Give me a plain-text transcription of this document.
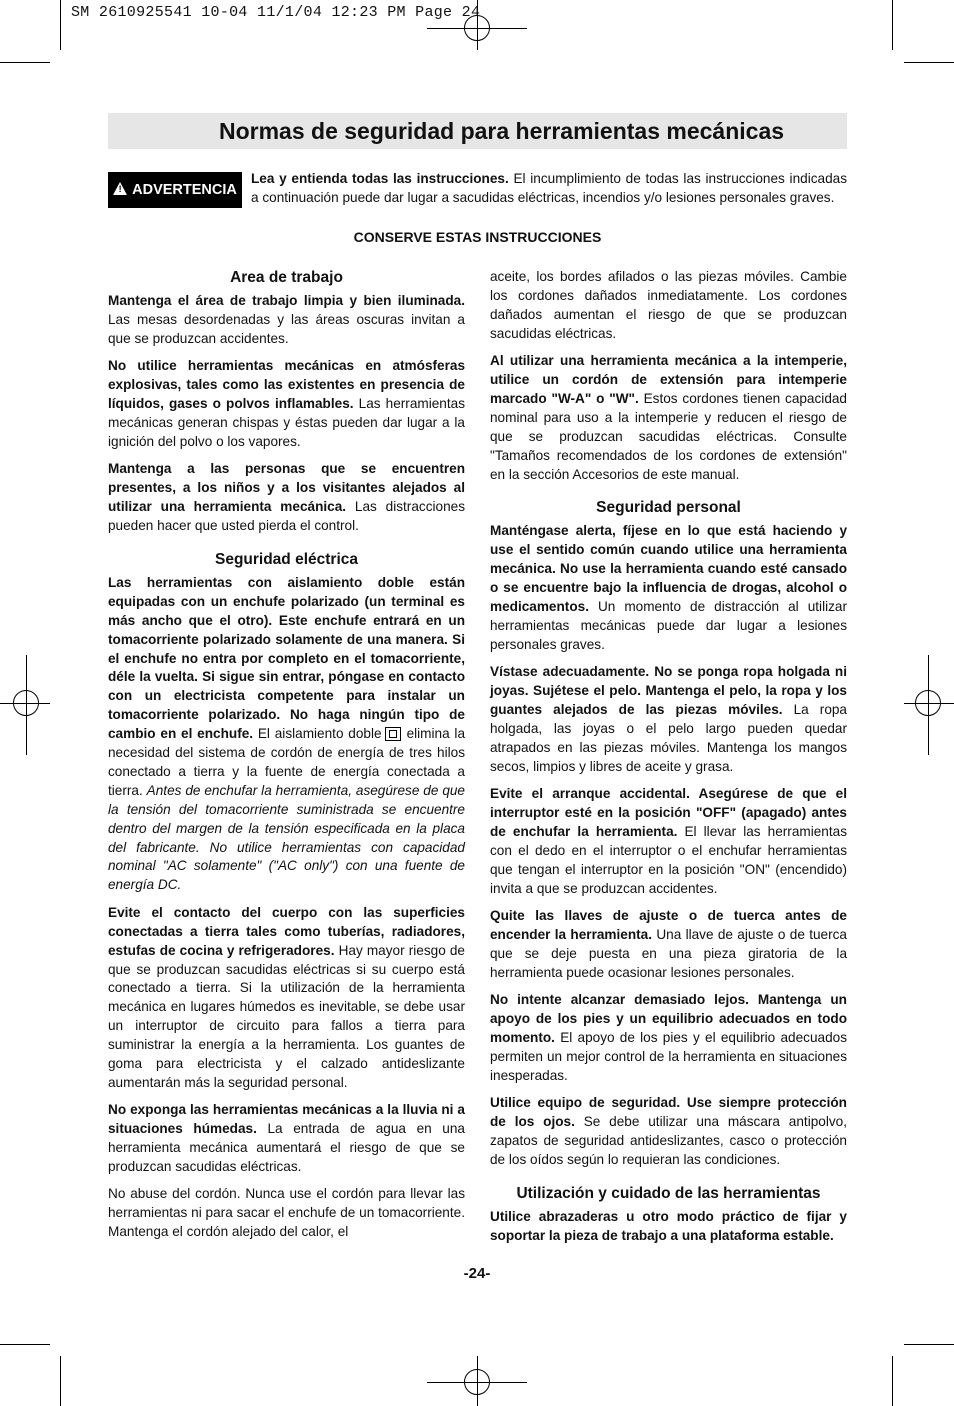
SM 2610925541 10-04 11/1/04 12:23 PM Page 24
Normas de seguridad para herramientas mecánicas
! ADVERTENCIA
Lea y entienda todas las instrucciones. El incumplimiento de todas las instrucciones indicadas a continuación puede dar lugar a sacudidas eléctricas, incendios y/o lesiones personales graves.
CONSERVE ESTAS INSTRUCCIONES
Area de trabajo

Mantenga el área de trabajo limpia y bien iluminada. Las mesas desordenadas y las áreas oscuras invitan a que se produzcan accidentes.

No utilice herramientas mecánicas en atmósferas explosivas, tales como las existentes en presencia de líquidos, gases o polvos inflamables. Las herramientas mecánicas generan chispas y éstas pueden dar lugar a la ignición del polvo o los vapores.

Mantenga a las personas que se encuentren presentes, a los niños y a los visitantes alejados al utilizar una herramienta mecánica. Las distracciones pueden hacer que usted pierda el control.

Seguridad eléctrica

Las herramientas con aislamiento doble están equipadas con un enchufe polarizado (un terminal es más ancho que el otro). Este enchufe entrará en un tomacorriente polarizado solamente de una manera. Si el enchufe no entra por completo en el tomacorriente, déle la vuelta. Si sigue sin entrar, póngase en contacto con un electricista competente para instalar un tomacorriente polarizado. No haga ningún tipo de cambio en el enchufe. El aislamiento doble elimina la necesidad del sistema de cordón de energía de tres hilos conectado a tierra y la fuente de energía conectada a tierra. Antes de enchufar la herramienta, asegúrese de que la tensión del tomacorriente suministrada se encuentre dentro del margen de la tensión especificada en la placa del fabricante. No utilice herramientas con capacidad nominal "AC solamente" ("AC only") con una fuente de energía DC.

Evite el contacto del cuerpo con las superficies conectadas a tierra tales como tuberías, radiadores, estufas de cocina y refrigeradores. Hay mayor riesgo de que se produzcan sacudidas eléctricas si su cuerpo está conectado a tierra. Si la utilización de la herramienta mecánica en lugares húmedos es inevitable, se debe usar un interruptor de circuito para fallos a tierra para suministrar la energía a la herramienta. Los guantes de goma para electricista y el calzado antideslizante aumentarán más la seguridad personal.

No exponga las herramientas mecánicas a la lluvia ni a situaciones húmedas. La entrada de agua en una herramienta mecánica aumentará el riesgo de que se produzcan sacudidas eléctricas.

No abuse del cordón. Nunca use el cordón para llevar las herramientas ni para sacar el enchufe de un tomacorriente. Mantenga el cordón alejado del calor, el

aceite, los bordes afilados o las piezas móviles. Cambie los cordones dañados inmediatamente. Los cordones dañados aumentan el riesgo de que se produzcan sacudidas eléctricas.

Al utilizar una herramienta mecánica a la intemperie, utilice un cordón de extensión para intemperie marcado "W-A" o "W". Estos cordones tienen capacidad nominal para uso a la intemperie y reducen el riesgo de que se produzcan sacudidas eléctricas. Consulte "Tamaños recomendados de los cordones de extensión" en la sección Accesorios de este manual.

Seguridad personal

Manténgase alerta, fíjese en lo que está haciendo y use el sentido común cuando utilice una herramienta mecánica. No use la herramienta cuando esté cansado o se encuentre bajo la influencia de drogas, alcohol o medicamentos. Un momento de distracción al utilizar herramientas mecánicas puede dar lugar a lesiones personales graves.

Vístase adecuadamente. No se ponga ropa holgada ni joyas. Sujétese el pelo. Mantenga el pelo, la ropa y los guantes alejados de las piezas móviles. La ropa holgada, las joyas o el pelo largo pueden quedar atrapados en las piezas móviles. Mantenga los mangos secos, limpios y libres de aceite y grasa.

Evite el arranque accidental. Asegúrese de que el interruptor esté en la posición "OFF" (apagado) antes de enchufar la herramienta. El llevar las herramientas con el dedo en el interruptor o el enchufar herramientas que tengan el interruptor en la posición "ON" (encendido) invita a que se produzcan accidentes.

Quite las llaves de ajuste o de tuerca antes de encender la herramienta. Una llave de ajuste o de tuerca que se deje puesta en una pieza giratoria de la herramienta puede ocasionar lesiones personales.

No intente alcanzar demasiado lejos. Mantenga un apoyo de los pies y un equilibrio adecuados en todo momento. El apoyo de los pies y el equilibrio adecuados permiten un mejor control de la herramienta en situaciones inesperadas.

Utilice equipo de seguridad. Use siempre protección de los ojos. Se debe utilizar una máscara antipolvo, zapatos de seguridad antideslizantes, casco o protección de los oídos según lo requieran las condiciones.

Utilización y cuidado de las herramientas

Utilice abrazaderas u otro modo práctico de fijar y soportar la pieza de trabajo a una plataforma estable.

-24-
